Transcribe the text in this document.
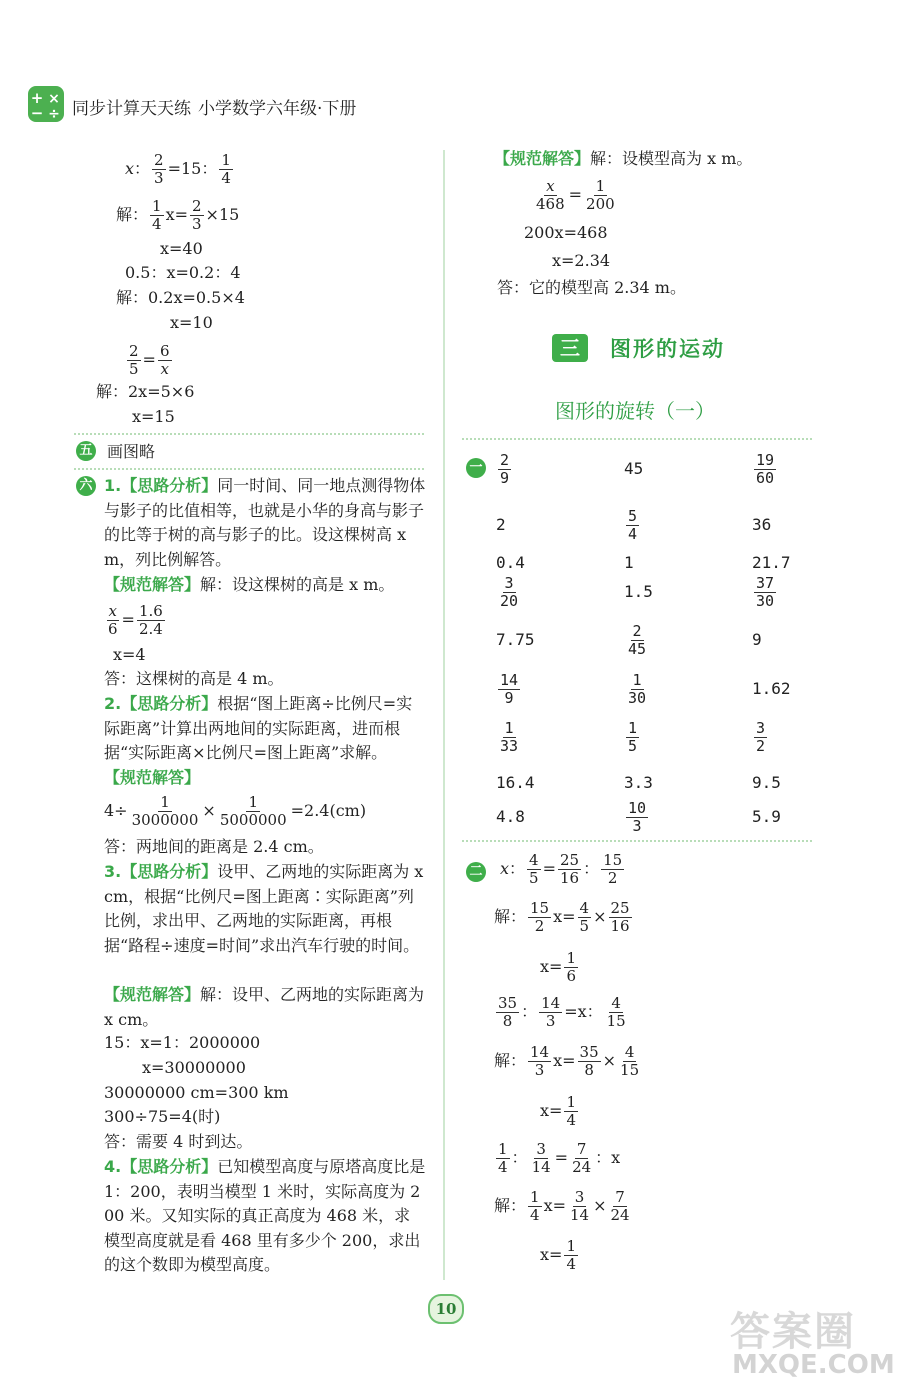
+ ×
− ÷ 同步计算天天练 小学数学六年级·下册
x： $\frac{2}{3} =15$： $\frac{1}{4}$
解： $\frac{1}{4} x= \frac{2}{3} \times 15$
x=40
0.5：x=0.2：4
解：0.2x=0.5×4
x=10
$\frac{2}{5} = \frac{6}{x}$
解：2x=5×6
x=15
五 画图略
六 1.【思路分析】同一时间、同一地点测得物体与影子的比值相等，也就是小华的身高与影子的比等于树的高与影子的比。设这棵树高 x m，列比例解答。
【规范解答】解：设这棵树的高是 x m。
$\frac{x}{6} = \frac{1.6}{2.4}$
x=4
答：这棵树的高是 4 m。
2.【思路分析】根据“图上距离÷比例尺=实际距离”计算出两地间的实际距离，进而根据“实际距离×比例尺=图上距离”求解。
【规范解答】
$4\div \frac{1}{3000000} \times \frac{1}{5000000} =2.4(cm)$
答：两地间的距离是 2.4 cm。
3.【思路分析】设甲、乙两地的实际距离为 x cm，根据“比例尺=图上距离∶实际距离”列比例，求出甲、乙两地的实际距离，再根据“路程÷速度=时间”求出汽车行驶的时间。
【规范解答】解：设甲、乙两地的实际距离为 x cm。
15：x=1：2000000
x=30000000
30000000 cm=300 km
300÷75=4(时)
答：需要 4 时到达。
4.【思路分析】已知模型高度与原塔高度比是 1：200，表明当模型 1 米时，实际高度为 200 米。又知实际的真正高度为 468 米，求模型高度就是看 468 里有多少个 200，求出的这个数即为模型高度。
【规范解答】解：设模型高为 x m。
$\frac{x}{468} = \frac{1}{200}$
200x=468
x=2.34
答：它的模型高 2.34 m。
三	图形的运动
图形的旋转（一）
一
二 x： $\frac{4}{5} = \frac{25}{16}$ ： $\frac{15}{2}$
解： $\frac{15}{2} x= \frac{4}{5} \times \frac{25}{16}$
$x= \frac{1}{6}$
$\frac{35}{8}$ ： $\frac{14}{3} =x$： $\frac{4}{15}$
解： $\frac{14}{3} x= \frac{35}{8} \times \frac{4}{15}$
$x= \frac{1}{4}$
$\frac{1}{4}$ ： $\frac{3}{14} = \frac{7}{24}$ ：x
解： $\frac{1}{4} x= \frac{3}{14} \times \frac{7}{24}$
$x= \frac{1}{4}$
10	答案圈
MXQE.COM
$\frac{2}{9}$	45	$\frac{19}{60}$
2	$\frac{5}{4}$	36
0.4	1	21.7
$\frac{3}{20}$	1.5	$\frac{37}{30}$
7.75	$\frac{2}{45}$	9
$\frac{14}{9}$	$\frac{1}{30}$	1.62
$\frac{1}{33}$	$\frac{1}{5}$	$\frac{3}{2}$
16.4	3.3	9.5
4.8	$\frac{10}{3}$	5.9
